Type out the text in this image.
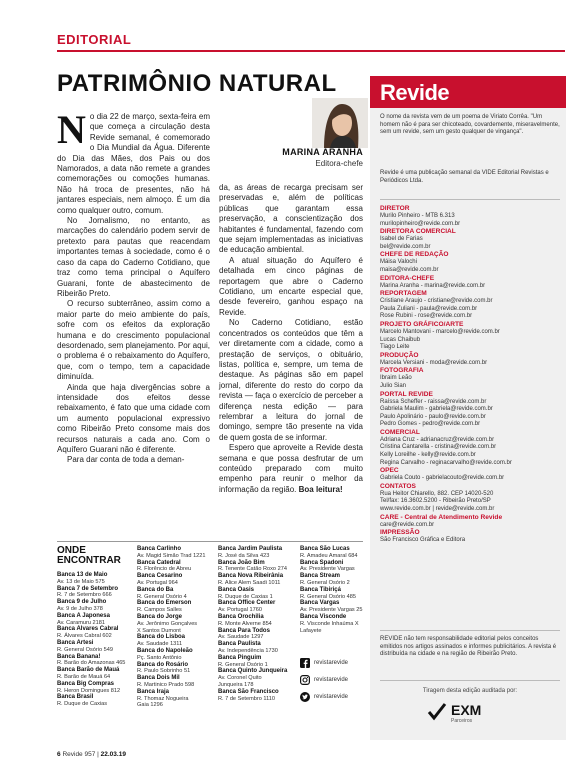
EDITORIAL
PATRIMÔNIO NATURAL
MARINA ARANHA
Editora-chefe

No dia 22 de março, sexta-feira em que começa a circulação desta Revide semanal, é comemorado o Dia Mundial da Água. Diferente do Dia das Mães, dos Pais ou dos Namorados, a data não remete a grandes comemorações ou comoções humanas. Não há troca de presentes, não há jantares especiais, nem almoço. É um dia como qualquer outro, comum.

No Jornalismo, no entanto, as marcações do calendário podem servir de pretexto para pautas que reacendam importantes temas à sociedade, como é o caso da capa do Caderno Cotidiano, que traz como tema principal o Aquífero Guarani, fonte de abastecimento de Ribeirão Preto.

O recurso subterrâneo, assim como a maior parte do meio ambiente do país, sofre com os efeitos da exploração humana e do crescimento populacional desordenado, sem planejamento. Por aqui, o problema é o rebaixamento do Aquífero, que, com o tempo, tem a capacidade diminuída.

Ainda que haja divergências sobre a intensidade dos efeitos desse rebaixamento, é fato que uma cidade com um aumento populacional expressivo como Ribeirão Preto consome mais dos recursos naturais a cada ano. Com o Aquífero Guarani não é diferente.

Para dar conta de toda a deman-

da, as áreas de recarga precisam ser preservadas e, além de políticas públicas que garantam essa preservação, a conscientização dos habitantes é fundamental, fazendo com que sejam implementadas as iniciativas de educação ambiental.

A atual situação do Aquífero é detalhada em cinco páginas de reportagem que abre o Caderno Cotidiano, um encarte especial que, desde fevereiro, ganhou espaço na Revide.

No Caderno Cotidiano, estão concentrados os conteúdos que têm a ver diretamente com a cidade, como a prestação de serviços, o obituário, listas, política e, sempre, um tema de destaque. As páginas são em papel jornal, diferente do resto do corpo da revista — faça o exercício de perceber a diferença nesta edição — para relembrar a leitura do jornal de domingo, sempre tão presente na vida de quem gosta de se informar.

Espero que aproveite a Revide desta semana e que possa desfrutar de um conteúdo preparado com muito empenho para reunir o melhor da informação da região. Boa leitura!

Revide
O nome da revista vem de um poema de Viriato Corrêa. "Um homem não é para ser chicoteado, covardemente, miseravelmente, sem um revide, sem um gesto qualquer de vingança".
Revide é uma publicação semanal da VIDE Editorial Revistas e Periódicos Ltda.
DIRETOR
Murilo Pinheiro - MTB 6.313
murilopinheiro@revide.com.br
DIRETORA COMERCIAL
Isabel de Farias
bel@revide.com.br
CHEFE DE REDAÇÃO
Máisa Valochi
maisa@revide.com.br
EDITORA-CHEFE
Marina Aranha - marina@revide.com.br
REPORTAGEM
Cristiane Araujo - cristiane@revide.com.br
Paula Zuliani - paula@revide.com.br
Rose Rubini - rose@revide.com.br
PROJETO GRÁFICO/ARTE
Marcelo Mantovani - marcelo@revide.com.br
Lucas Chaibub
Tiago Leite
PRODUÇÃO
Marcela Versiani - moda@revide.com.br
FOTOGRAFIA
Ibraim Leão
Julio Sian
PORTAL REVIDE
Raíssa Scheffer - raissa@revide.com.br
Gabriela Maulim - gabriela@revide.com.br
Paulo Apolinário - paulo@revide.com.br
Pedro Gomes - pedro@revide.com.br
COMERCIAL
Adriana Cruz - adrianacruz@revide.com.br
Cristina Cantarella - cristina@revide.com.br
Kelly Loreilhe - kelly@revide.com.br
Regina Carvalho - reginacarvalho@revide.com.br
OPEC
Gabriela Couto - gabrielacouto@revide.com.br
CONTATOS
Rua Heitor Chiarello, 882. CEP 14020-520
Tel/fax: 16.3602.5200 - Ribeirão Preto/SP
www.revide.com.br | revide@revide.com.br
CARE - Central de Atendimento Revide
care@revide.com.br
IMPRESSÃO
São Francisco Gráfica e Editora
REVIDE não tem responsabilidade editorial pelos conceitos emitidos nos artigos assinados e informes publicitários. A revista é distribuída na cidade e na região de Ribeirão Preto.
Tiragem desta edição auditada por:
EXM
Parceiros
ONDE
ENCONTRAR
Banca 13 de Maio
Av. 13 de Maio 575
Banca 7 de Setembro
R. 7 de Setembro 666
Banca 9 de Julho
Av. 9 de Julho 378
Banca A Japonesa
Av. Caramuru 2181
Banca Alvares Cabral
R. Álvares Cabral 602
Banca Artesi
R. General Osório 549
Banca Banana!
R. Barão do Amazonas 465
Banca Barão de Mauá
R. Barão de Mauá 64
Banca Big Compras
R. Heron Domingues 812
Banca Brasil
R. Duque de Caxias
Banca Carlinho
Av. Magid Simão Trad 1221
Banca Catedral
R. Florêncio de Abreu
Banca Cesarino
Av. Portugal 964
Banca do Ba
R. General Osório 4
Banca do Emerson
R. Campos Salles
Banca do Jorge
Av. Jerônimo Gonçalves
X Santos Dumont
Banca do Lisboa
Av. Saudade 1311
Banca do Napoleão
Pç. Santo Antônio
Banca do Rosário
R. Paulo Sobrinho 51
Banca Dois Mil
R. Martinico Prado 598
Banca Iraja
R. Thomaz Nogueira
Gaia 1296
Banca Jardim Paulista
R. José da Silva 423
Banca João Bim
R. Tenente Catão Roxo 274
Banca Nova Ribeirânia
R. Alice Alem Saadi 1011
Banca Oasis
R. Duque de Caxias 1
Banca Office Center
Av. Portugal 1760
Banca Orochilia
R. Monte Alverne 854
Banca Para Todos
Av. Saudade 1297
Banca Paulista
Av. Independência 1730
Banca Pinguim
R. General Osório 1
Banca Quinto Junqueira
Av. Coronel Quito
Junqueira 178
Banca São Francisco
R. 7 de Setembro 1110
Banca São Lucas
R. Amadeu Amaral 684
Banca Spadoni
Av. Presidente Vargas
Banca Stream
R. General Osório 2
Banca Tibiriçá
R. General Osório 485
Banca Vargas
Av. Presidente Vargas 25
Banca Visconde
R. Visconde Inhaúma X
Lafayete
revistarevide
revistarevide
revistarevide
6 Revide 957 | 22.03.19
